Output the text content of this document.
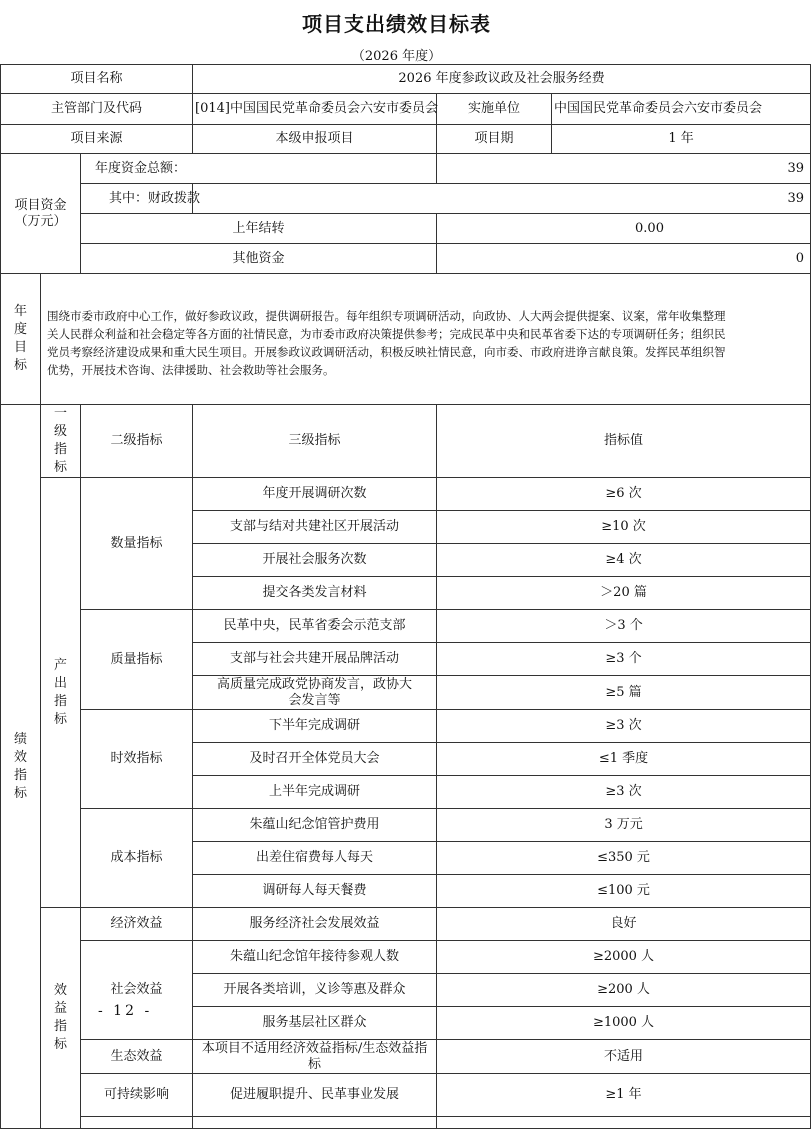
项目支出绩效目标表
（2026 年度）
项目名称			2026 年度参政议政及社会服务经费		
主管部门及代码			[014]中国国民党革命委员会六安市委员会	实施单位	中国国民党革命委员会六安市委员会
项目来源			本级申报项目	项目期	1 年

项目资金
（万元）		年度资金总额：		39	
		其中：财政拨款	39		
		上年结转		0.00	
		其他资金		0	
年度目标	围绕市委市政府中心工作，做好参政议政，提供调研报告。每年组织专项调研活动，向政协、人大两会提供提案、议案，常年收集整理
关人民群众利益和社会稳定等各方面的社情民意，为市委市政府决策提供参考；完成民革中央和民革省委下达的专项调研任务；组织民
党员考察经济建设成果和重大民生项目。开展参政议政调研活动，积极反映社情民意，向市委、市政府进诤言献良策。发挥民革组织智
优势，开展技术咨询、法律援助、社会救助等社会服务。				

绩效指标	一级指标	二级指标	三级指标	指标值	
	产出指标	数量指标	年度开展调研次数	≥6 次	
			支部与结对共建社区开展活动	≥10 次	
			开展社会服务次数	≥4 次	
			提交各类发言材料	＞20 篇	
		质量指标	民革中央，民革省委会示范支部	＞3 个	
			支部与社会共建开展品牌活动	≥3 个	
			高质量完成政党协商发言，政协大会发言等	≥5 篇	
		时效指标	下半年完成调研	≥3 次	
			及时召开全体党员大会	≤1 季度	
			上半年完成调研	≥3 次	
		成本指标	朱蕴山纪念馆管护费用	3 万元	
			出差住宿费每人每天	≤350 元	
			调研每人每天餐费	≤100 元	
	效益指标	经济效益	服务经济社会发展效益	良好	

		社会效益	朱蕴山纪念馆年接待参观人数	≥2000 人	
			开展各类培训，义诊等惠及群众	≥200 人	
			服务基层社区群众	≥1000 人	
		生态效益	本项目不适用经济效益指标/生态效益指标	不适用	
		可持续影响	促进履职提升、民革事业发展	≥1 年	

- 12 -
